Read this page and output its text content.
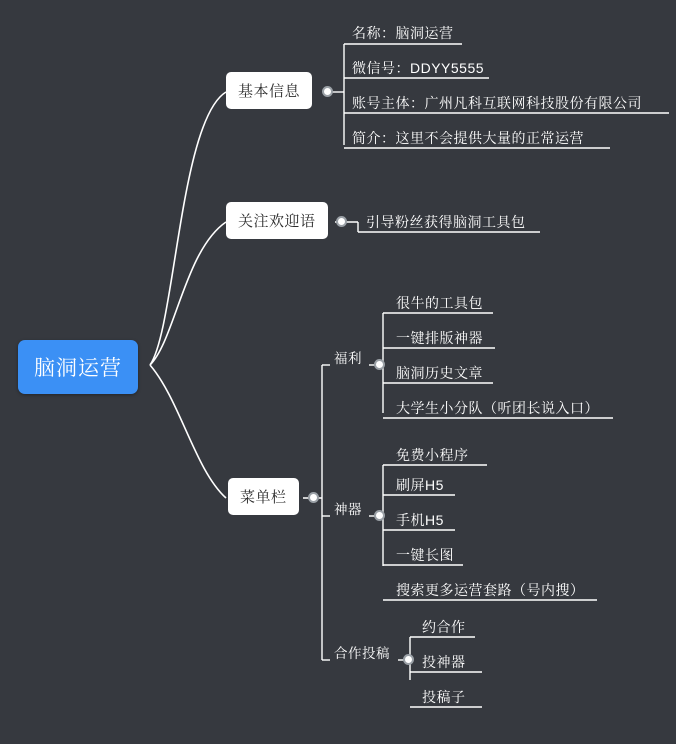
脑洞运营
基本信息
名称：脑洞运营
微信号：DDYY5555
账号主体：广州凡科互联网科技股份有限公司
简介：这里不会提供大量的正常运营
关注欢迎语	引导粉丝获得脑洞工具包
菜单栏
福利
很牛的工具包
一键排版神器
脑洞历史文章
大学生小分队（听团长说入口）
神器
免费小程序
刷屏H5
手机H5
一键长图
搜索更多运营套路（号内搜）
合作投稿
约合作
投神器
投稿子
